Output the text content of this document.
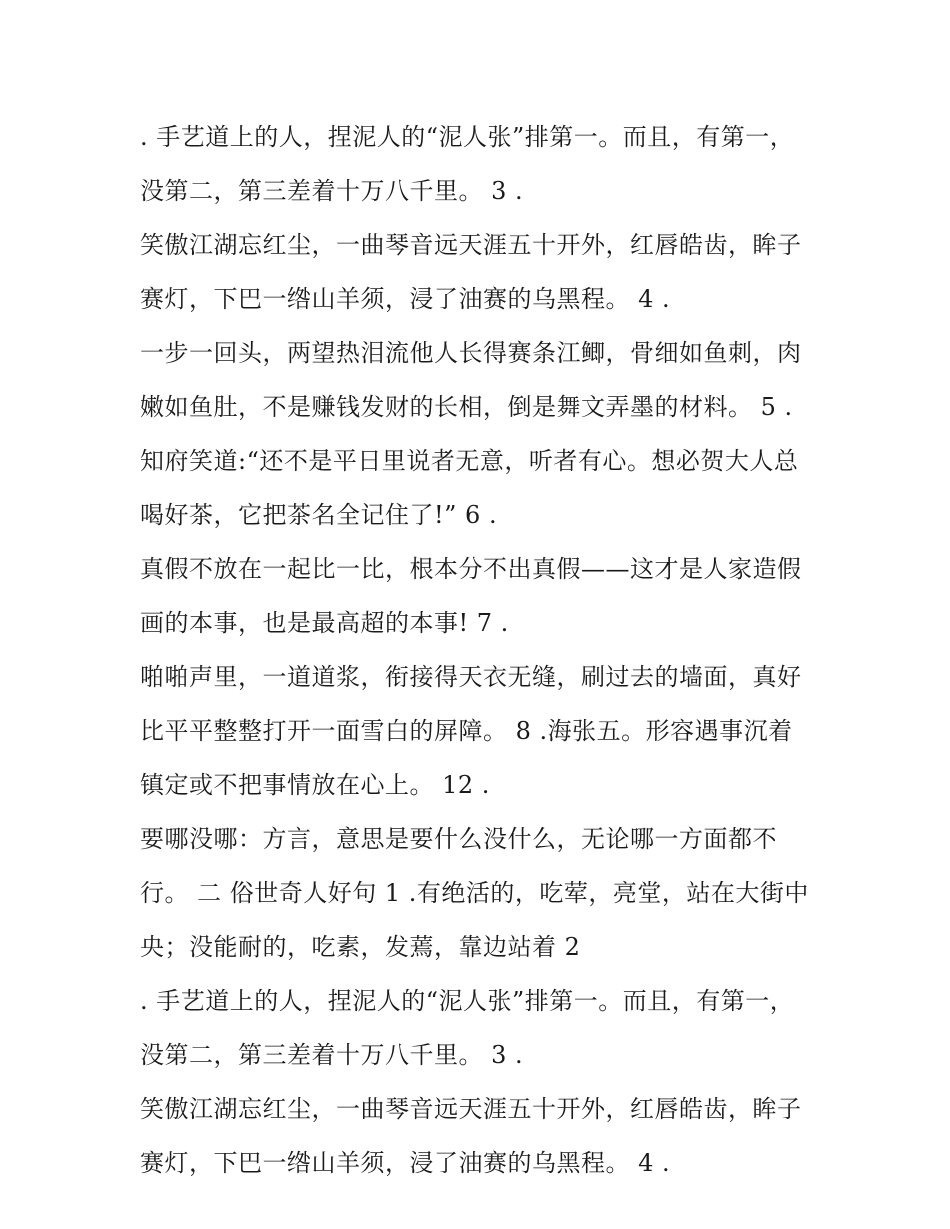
. 手艺道上的人，捏泥人的“泥人张”排第一。而且，有第一，
没第二，第三差着十万八千里。 3 .
笑傲江湖忘红尘，一曲琴音远天涯五十开外，红唇皓齿，眸子
赛灯，下巴一绺山羊须，浸了油赛的乌黑程。 4 .
一步一回头，两望热泪流他人长得赛条江鲫，骨细如鱼刺，肉
嫩如鱼肚，不是赚钱发财的长相，倒是舞文弄墨的材料。 5 .
知府笑道:“还不是平日里说者无意，听者有心。想必贺大人总
喝好茶，它把茶名全记住了!” 6 .
真假不放在一起比一比，根本分不出真假——这才是人家造假
画的本事，也是最高超的本事! 7 .
啪啪声里，一道道浆，衔接得天衣无缝，刷过去的墙面，真好
比平平整整打开一面雪白的屏障。 8 .海张五。形容遇事沉着
镇定或不把事情放在心上。 12 .
要哪没哪：方言，意思是要什么没什么，无论哪一方面都不
行。 二 俗世奇人好句 1 .有绝活的，吃荤，亮堂，站在大街中
央；没能耐的，吃素，发蔫，靠边站着 2
. 手艺道上的人，捏泥人的“泥人张”排第一。而且，有第一，
没第二，第三差着十万八千里。 3 .
笑傲江湖忘红尘，一曲琴音远天涯五十开外，红唇皓齿，眸子
赛灯，下巴一绺山羊须，浸了油赛的乌黑程。 4 .
